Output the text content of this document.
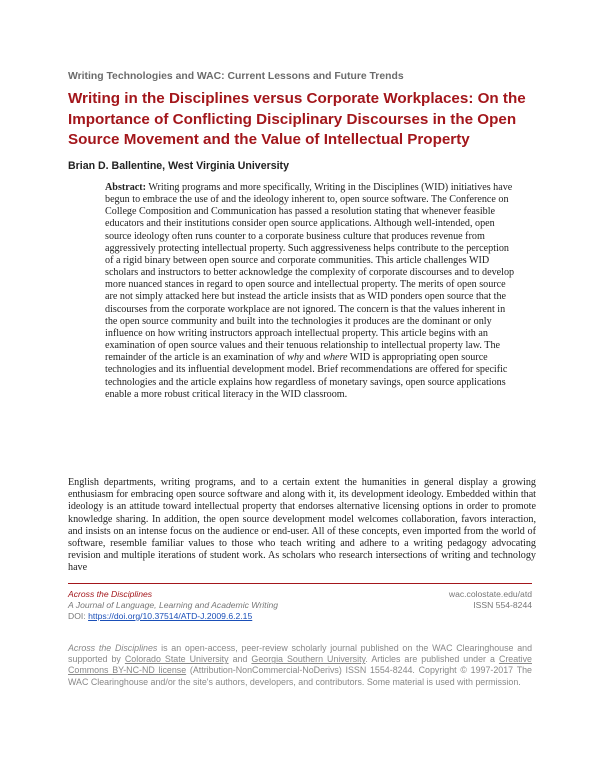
Writing Technologies and WAC: Current Lessons and Future Trends
Writing in the Disciplines versus Corporate Workplaces: On the Importance of Conflicting Disciplinary Discourses in the Open Source Movement and the Value of Intellectual Property
Brian D. Ballentine, West Virginia University

Abstract: Writing programs and more specifically, Writing in the Disciplines (WID) initiatives have begun to embrace the use of and the ideology inherent to, open source software. The Conference on College Composition and Communication has passed a resolution stating that whenever feasible educators and their institutions consider open source applications. Although well-intended, open source ideology often runs counter to a corporate business culture that produces revenue from aggressively protecting intellectual property. Such aggressiveness helps contribute to the perception of a rigid binary between open source and corporate communities. This article challenges WID scholars and instructors to better acknowledge the complexity of corporate discourses and to develop more nuanced stances in regard to open source and intellectual property. The merits of open source are not simply attacked here but instead the article insists that as WID ponders open source that the discourses from the corporate workplace are not ignored. The concern is that the values inherent in the open source community and built into the technologies it produces are the dominant or only influence on how writing instructors approach intellectual property. This article begins with an examination of open source values and their tenuous relationship to intellectual property law. The remainder of the article is an examination of why and where WID is appropriating open source technologies and its influential development model. Brief recommendations are offered for specific technologies and the article explains how regardless of monetary savings, open source applications enable a more robust critical literacy in the WID classroom.

English departments, writing programs, and to a certain extent the humanities in general display a growing enthusiasm for embracing open source software and along with it, its development ideology. Embedded within that ideology is an attitude toward intellectual property that endorses alternative licensing options in order to promote knowledge sharing. In addition, the open source development model welcomes collaboration, favors interaction, and insists on an intense focus on the audience or end-user. All of these concepts, even imported from the world of software, resemble familiar values to those who teach writing and adhere to a writing pedagogy advocating revision and multiple iterations of student work. As scholars who research intersections of writing and technology have

Across the Disciplines
A Journal of Language, Learning and Academic Writing
DOI: https://doi.org/10.37514/ATD-J.2009.6.2.15
wac.colostate.edu/atd
ISSN 554-8244

Across the Disciplines is an open-access, peer-review scholarly journal published on the WAC Clearinghouse and supported by Colorado State University and Georgia Southern University. Articles are published under a Creative Commons BY-NC-ND license (Attribution-NonCommercial-NoDerivs) ISSN 1554-8244. Copyright © 1997-2017 The WAC Clearinghouse and/or the site's authors, developers, and contributors. Some material is used with permission.
